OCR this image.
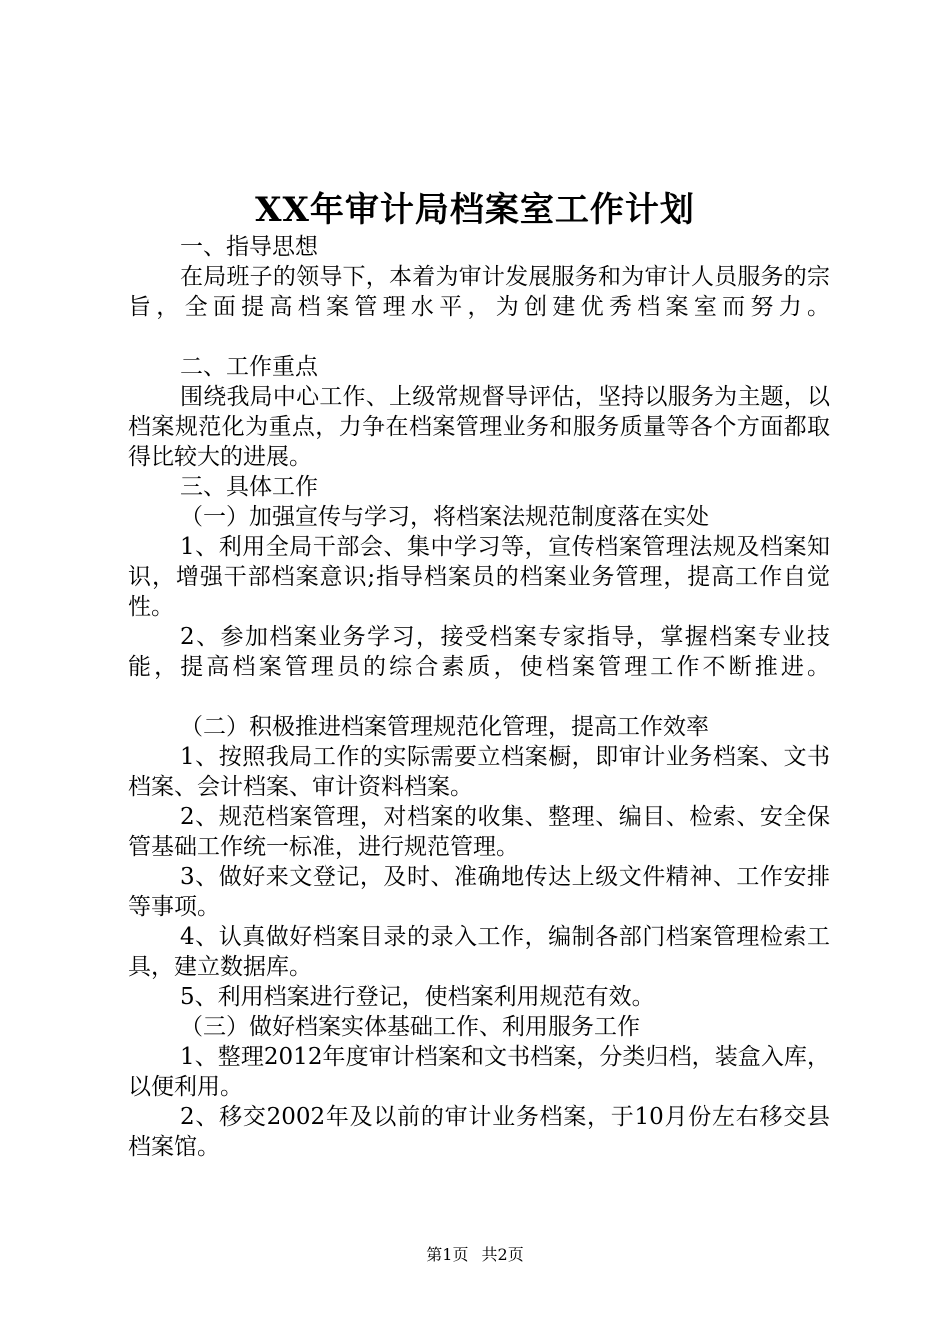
XX年审计局档案室工作计划

一、指导思想

在局班子的领导下，本着为审计发展服务和为审计人员服务的宗旨，全面提高档案管理水平，为创建优秀档案室而努力。

二、工作重点

围绕我局中心工作、上级常规督导评估，坚持以服务为主题，以档案规范化为重点，力争在档案管理业务和服务质量等各个方面都取得比较大的进展。

三、具体工作

（一）加强宣传与学习，将档案法规范制度落在实处

1、利用全局干部会、集中学习等，宣传档案管理法规及档案知识，增强干部档案意识;指导档案员的档案业务管理，提高工作自觉性。

2、参加档案业务学习，接受档案专家指导，掌握档案专业技能，提高档案管理员的综合素质，使档案管理工作不断推进。

（二）积极推进档案管理规范化管理，提高工作效率

1、按照我局工作的实际需要立档案橱，即审计业务档案、文书档案、会计档案、审计资料档案。

2、规范档案管理，对档案的收集、整理、编目、检索、安全保管基础工作统一标准，进行规范管理。

3、做好来文登记，及时、准确地传达上级文件精神、工作安排等事项。

4、认真做好档案目录的录入工作，编制各部门档案管理检索工具，建立数据库。

5、利用档案进行登记，使档案利用规范有效。

（三）做好档案实体基础工作、利用服务工作

1、整理2012年度审计档案和文书档案，分类归档，装盒入库，以便利用。

2、移交2002年及以前的审计业务档案，于10月份左右移交县档案馆。

第1页 共2页
